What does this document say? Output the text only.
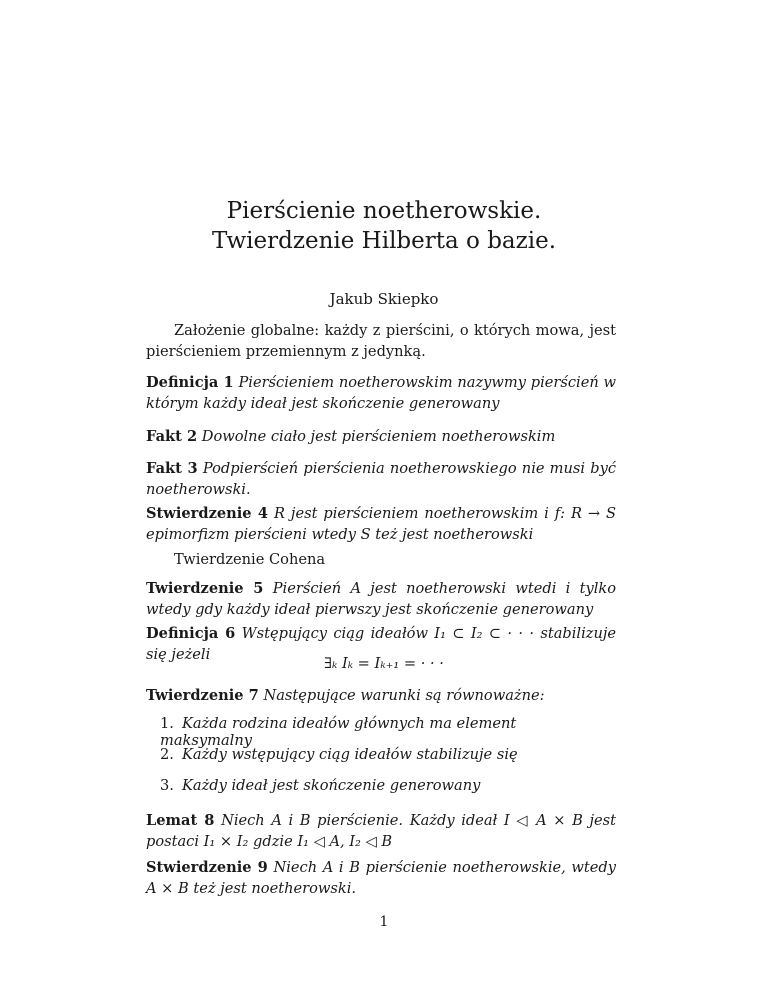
Pierścienie noetherowskie.
Twierdzenie Hilberta o bazie.
Jakub Skiepko
Założenie globalne: każdy z pierścini, o których mowa, jest pierścieniem przemiennym z jedynką.
Definicja 1 Pierścieniem noetherowskim nazywmy pierścień w którym każdy ideał jest skończenie generowany
Fakt 2 Dowolne ciało jest pierścieniem noetherowskim
Fakt 3 Podpierścień pierścienia noetherowskiego nie musi być noetherowski.
Stwierdzenie 4 R jest pierścieniem noetherowskim i f: R → S epimorfizm pierścieni wtedy S też jest noetherowski
Twierdzenie Cohena
Twierdzenie 5 Pierścień A jest noetherowski wtedi i tylko wtedy gdy każdy ideał pierwszy jest skończenie generowany
Definicja 6 Wstępujący ciąg ideałów I₁ ⊂ I₂ ⊂ · · · stabilizuje się jeżeli
∃ₖ Iₖ = Iₖ₊₁ = · · ·
Twierdzenie 7 Następujące warunki są równoważne:
1. Każda rodzina ideałów głównych ma element maksymalny
2. Każdy wstępujący ciąg ideałów stabilizuje się
3. Każdy ideał jest skończenie generowany
Lemat 8 Niech A i B pierścienie. Każdy ideał I ◁ A × B jest postaci I₁ × I₂ gdzie I₁ ◁ A, I₂ ◁ B
Stwierdzenie 9 Niech A i B pierścienie noetherowskie, wtedy A × B też jest noetherowski.
1
